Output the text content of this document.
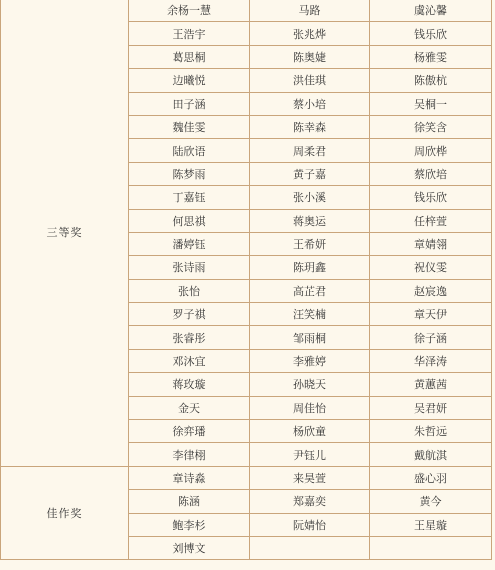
三等奖	余杨一慧	马路	虞沁馨
	王浩宇	张兆烨	钱乐欣
	葛思桐	陈奥婕	杨雅雯
	边曦悦	洪佳琪	陈傲杭
	田子涵	蔡小培	吴桐一
	魏佳雯	陈幸森	徐笑含
	陆欣语	周柔君	周欣桦
	陈梦雨	黄子嘉	蔡欣培
	丁嘉钰	张小溪	钱乐欣
	何思祺	蒋奥运	任梓萱
	潘婷钰	王希妍	章婧翎
	张诗雨	陈玥鑫	祝仪雯
	张怡	高芷君	赵宸逸
	罗子祺	汪笑楠	章天伊
	张睿彤	邹雨桐	徐子涵
	邓沐宜	李雅婷	华泽涛
	蒋玫璇	孙晓天	黄蕙茜
	金天	周佳怡	吴君妍
	徐弈璠	杨欣童	朱哲远
	李律栩	尹钰儿	戴航淇
佳作奖	章诗淼	来昊萱	盛心羽
	陈涵	郑嘉奕	黄今
	鲍李杉	阮婧怡	王星璇
	刘博文		
